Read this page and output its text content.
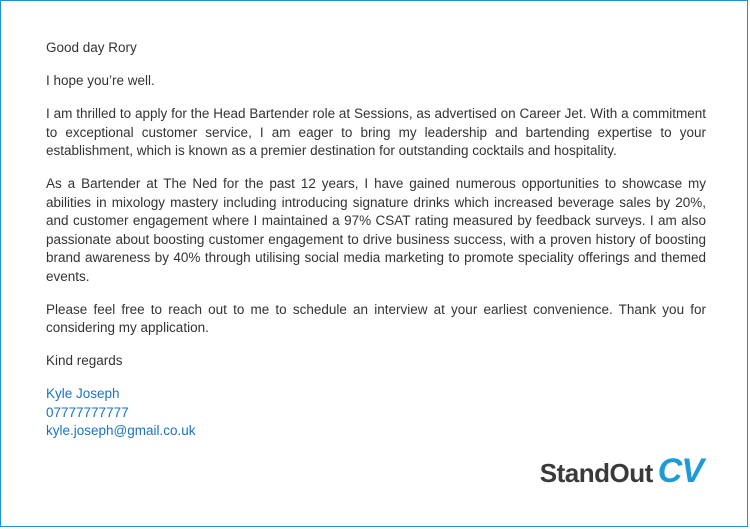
Good day Rory

I hope you’re well.

I am thrilled to apply for the Head Bartender role at Sessions, as advertised on Career Jet. With a commitment to exceptional customer service, I am eager to bring my leadership and bartending expertise to your establishment, which is known as a premier destination for outstanding cocktails and hospitality.

As a Bartender at The Ned for the past 12 years, I have gained numerous opportunities to showcase my abilities in mixology mastery including introducing signature drinks which increased beverage sales by 20%, and customer engagement where I maintained a 97% CSAT rating measured by feedback surveys. I am also passionate about boosting customer engagement to drive business success, with a proven history of boosting brand awareness by 40% through utilising social media marketing to promote speciality offerings and themed events.

Please feel free to reach out to me to schedule an interview at your earliest convenience. Thank you for considering my application.

Kind regards

Kyle Joseph
07777777777
kyle.joseph@gmail.co.uk
StandOut CV
